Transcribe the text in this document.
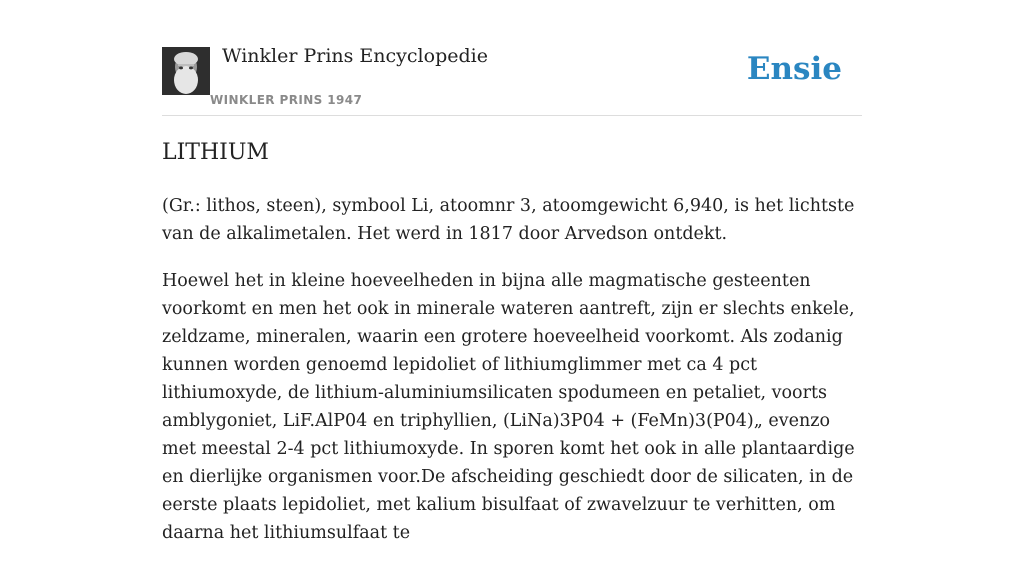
Winkler Prins Encyclopedie
WINKLER PRINS 1947
Ensie
LITHIUM

(Gr.: lithos, steen), symbool Li, atoomnr 3, atoomgewicht 6,940, is het lichtste van de alkalimetalen. Het werd in 1817 door Arvedson ontdekt.

Hoewel het in kleine hoeveelheden in bijna alle magmatische gesteenten voorkomt en men het ook in minerale wateren aantreft, zijn er slechts enkele, zeldzame, mineralen, waarin een grotere hoeveelheid voorkomt. Als zodanig kunnen worden genoemd lepidoliet of lithiumglimmer met ca 4 pct lithiumoxyde, de lithium-aluminiumsilicaten spodumeen en petaliet, voorts amblygoniet, LiF.AlP04 en triphyllien, (LiNa)3P04 + (FeMn)3(P04)„ evenzo met meestal 2-4 pct lithiumoxyde. In sporen komt het ook in alle plantaardige en dierlijke organismen voor.De afscheiding geschiedt door de silicaten, in de eerste plaats lepidoliet, met kalium bisulfaat of zwavelzuur te verhitten, om daarna het lithiumsulfaat te
